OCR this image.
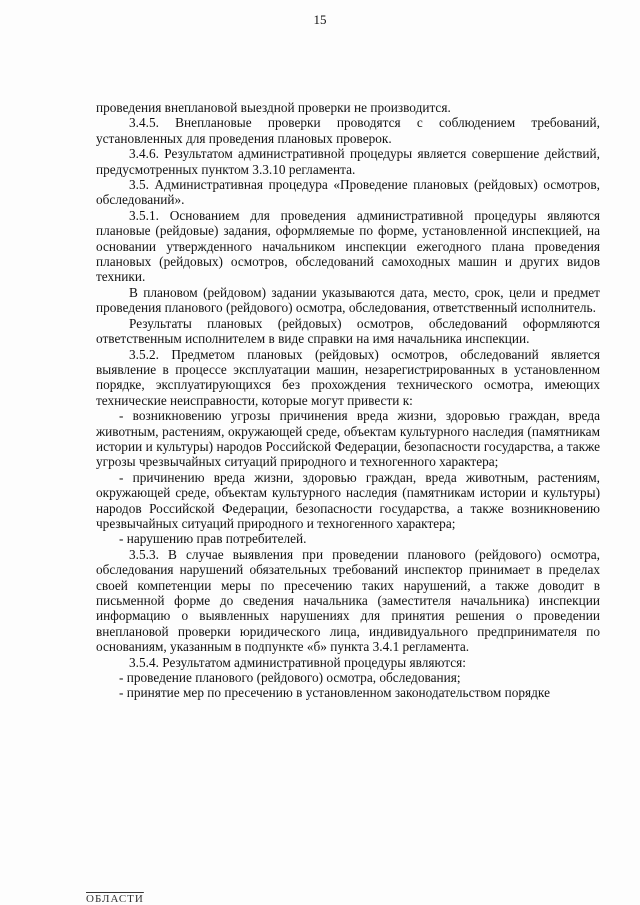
15

проведения внеплановой выездной проверки не производится.

3.4.5. Внеплановые проверки проводятся с соблюдением требований, установленных для проведения плановых проверок.

3.4.6. Результатом административной процедуры является совершение действий, предусмотренных пунктом 3.3.10 регламента.

3.5. Административная процедура «Проведение плановых (рейдовых) осмотров, обследований».

3.5.1. Основанием для проведения административной процедуры являются плановые (рейдовые) задания, оформляемые по форме, установленной инспекцией, на основании утвержденного начальником инспекции ежегодного плана проведения плановых (рейдовых) осмотров, обследований самоходных машин и других видов техники.

В плановом (рейдовом) задании указываются дата, место, срок, цели и предмет проведения планового (рейдового) осмотра, обследования, ответственный исполнитель.

Результаты плановых (рейдовых) осмотров, обследований оформляются ответственным исполнителем в виде справки на имя начальника инспекции.

3.5.2. Предметом плановых (рейдовых) осмотров, обследований является выявление в процессе эксплуатации машин, незарегистрированных в установленном порядке, эксплуатирующихся без прохождения технического осмотра, имеющих технические неисправности, которые могут привести к:

- возникновению угрозы причинения вреда жизни, здоровью граждан, вреда животным, растениям, окружающей среде, объектам культурного наследия (памятникам истории и культуры) народов Российской Федерации, безопасности государства, а также угрозы чрезвычайных ситуаций природного и техногенного характера;

- причинению вреда жизни, здоровью граждан, вреда животным, растениям, окружающей среде, объектам культурного наследия (памятникам истории и культуры) народов Российской Федерации, безопасности государства, а также возникновению чрезвычайных ситуаций природного и техногенного характера;

- нарушению прав потребителей.

3.5.3. В случае выявления при проведении планового (рейдового) осмотра, обследования нарушений обязательных требований инспектор принимает в пределах своей компетенции меры по пресечению таких нарушений, а также доводит в письменной форме до сведения начальника (заместителя начальника) инспекции информацию о выявленных нарушениях для принятия решения о проведении внеплановой проверки юридического лица, индивидуального предпринимателя по основаниям, указанным в подпункте «б» пункта 3.4.1 регламента.

3.5.4. Результатом административной процедуры являются:

- проведение планового (рейдового) осмотра, обследования;

- принятие мер по пресечению в установленном законодательством порядке

ОБЛАСТИ
